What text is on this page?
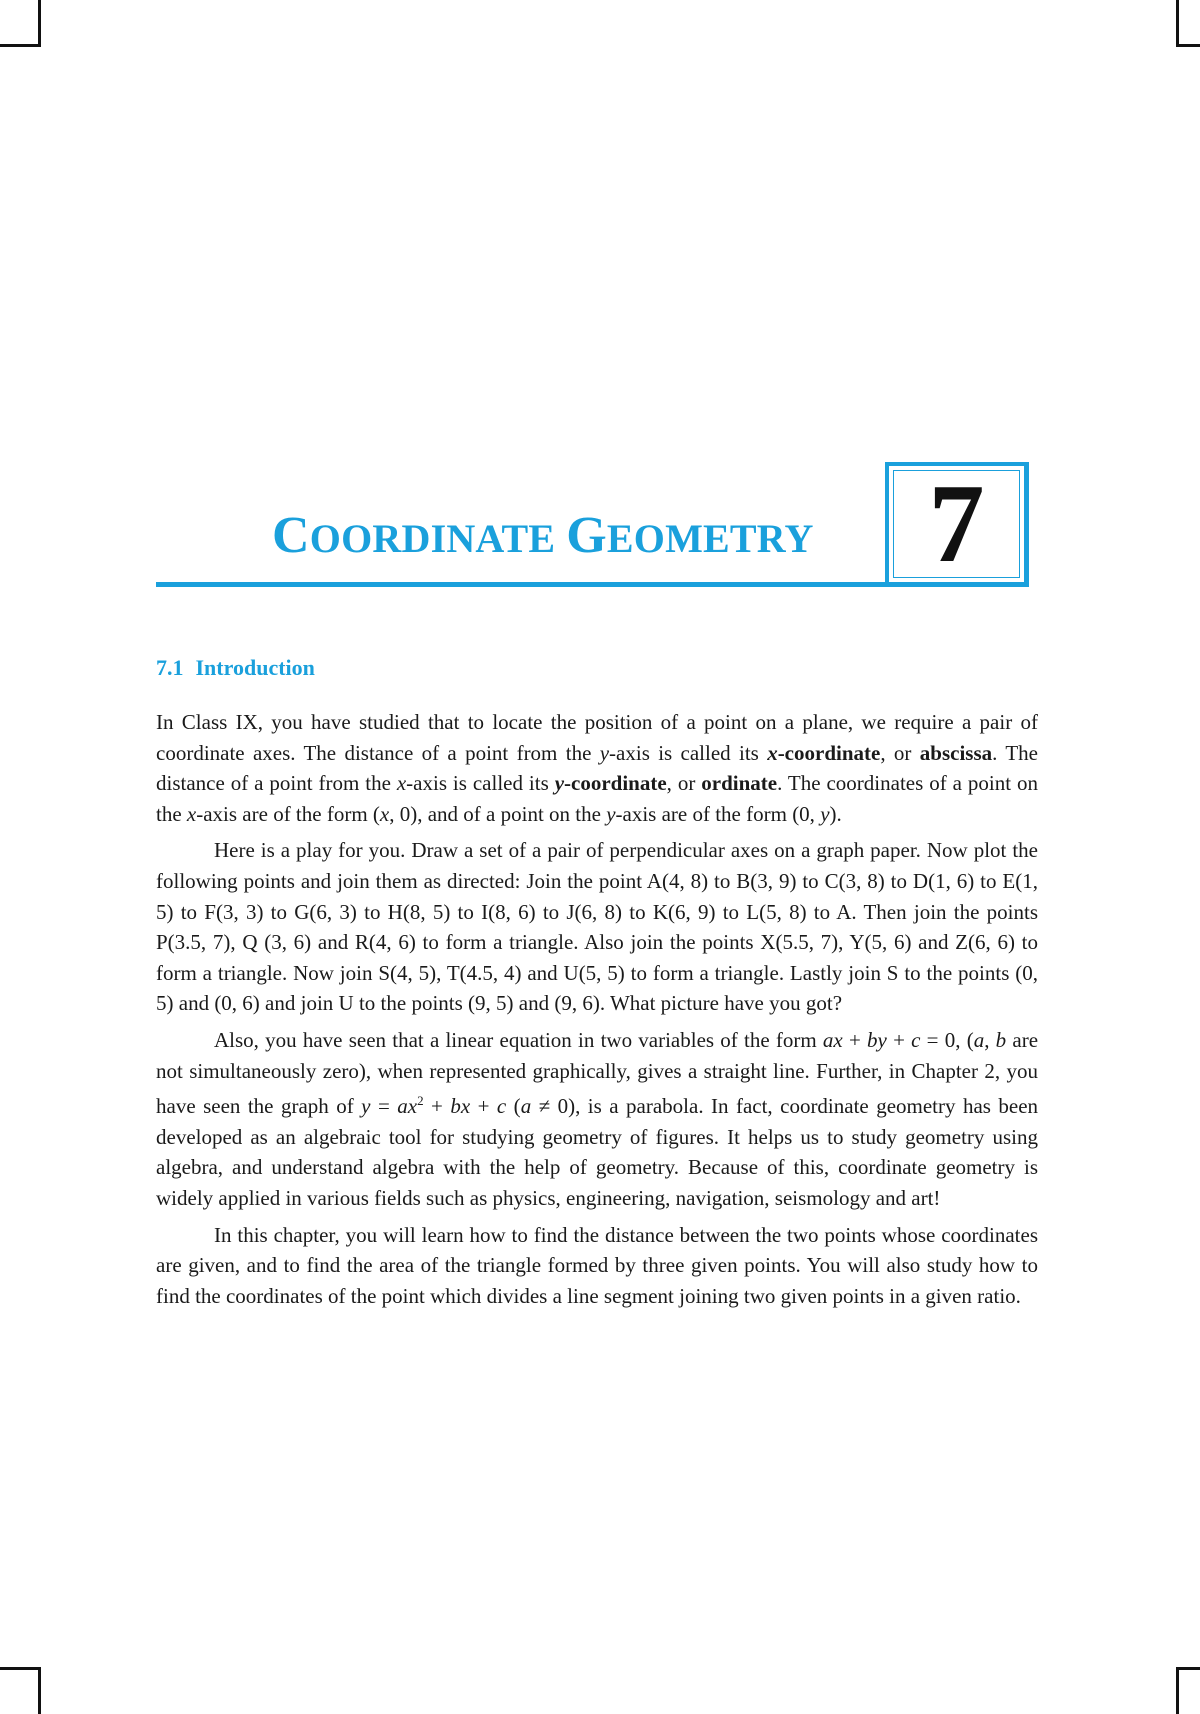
COORDINATE GEOMETRY	7
7.1 Introduction

In Class IX, you have studied that to locate the position of a point on a plane, we require a pair of coordinate axes. The distance of a point from the y-axis is called its x-coordinate, or abscissa. The distance of a point from the x-axis is called its y-coordinate, or ordinate. The coordinates of a point on the x-axis are of the form (x, 0), and of a point on the y-axis are of the form (0, y).

Here is a play for you. Draw a set of a pair of perpendicular axes on a graph paper. Now plot the following points and join them as directed: Join the point A(4, 8) to B(3, 9) to C(3, 8) to D(1, 6) to E(1, 5) to F(3, 3) to G(6, 3) to H(8, 5) to I(8, 6) to J(6, 8) to K(6, 9) to L(5, 8) to A. Then join the points P(3.5, 7), Q (3, 6) and R(4, 6) to form a triangle. Also join the points X(5.5, 7), Y(5, 6) and Z(6, 6) to form a triangle. Now join S(4, 5), T(4.5, 4) and U(5, 5) to form a triangle. Lastly join S to the points (0, 5) and (0, 6) and join U to the points (9, 5) and (9, 6). What picture have you got?

Also, you have seen that a linear equation in two variables of the form ax + by + c = 0, (a, b are not simultaneously zero), when represented graphically, gives a straight line. Further, in Chapter 2, you have seen the graph of $y = ax^2$ + bx + c (a ≠ 0), is a parabola. In fact, coordinate geometry has been developed as an algebraic tool for studying geometry of figures. It helps us to study geometry using algebra, and understand algebra with the help of geometry. Because of this, coordinate geometry is widely applied in various fields such as physics, engineering, navigation, seismology and art!

In this chapter, you will learn how to find the distance between the two points whose coordinates are given, and to find the area of the triangle formed by three given points. You will also study how to find the coordinates of the point which divides a line segment joining two given points in a given ratio.
